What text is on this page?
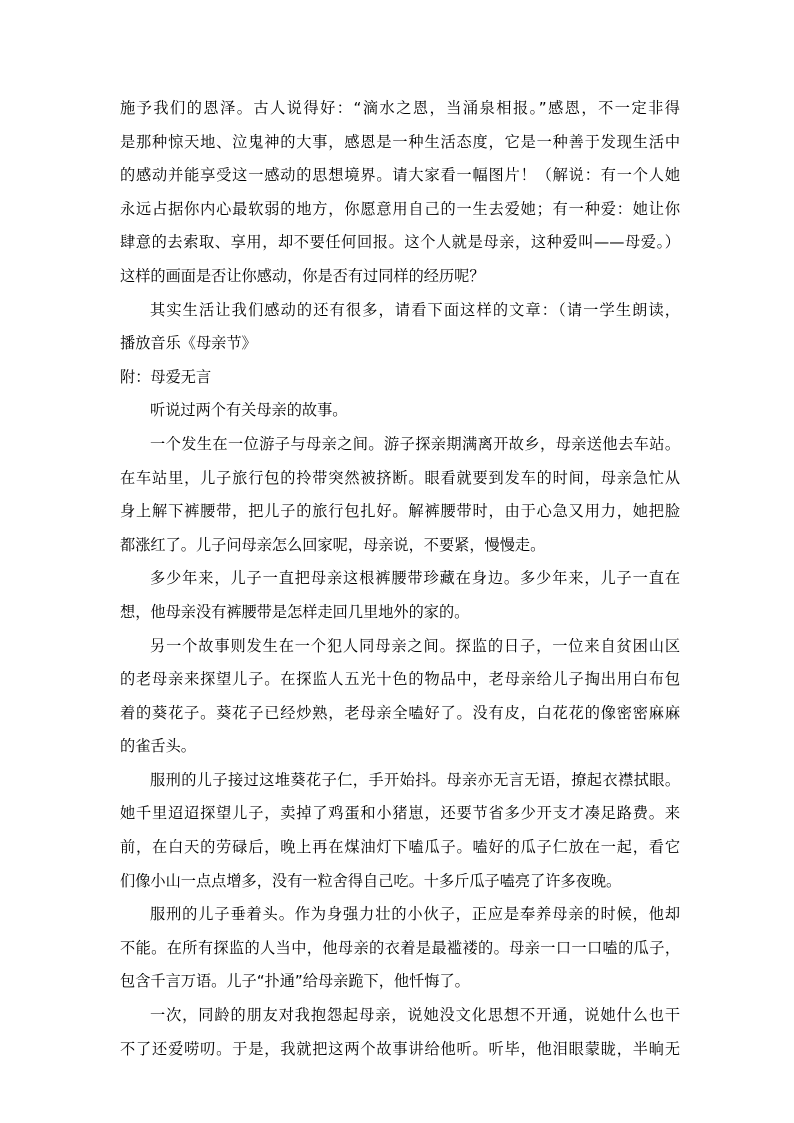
施予我们的恩泽。古人说得好：“滴水之恩，当涌泉相报。”感恩，不一定非得
是那种惊天地、泣鬼神的大事，感恩是一种生活态度，它是一种善于发现生活中
的感动并能享受这一感动的思想境界。请大家看一幅图片！（解说：有一个人她
永远占据你内心最软弱的地方，你愿意用自己的一生去爱她；有一种爱：她让你
肆意的去索取、享用，却不要任何回报。这个人就是母亲，这种爱叫——母爱。）
这样的画面是否让你感动，你是否有过同样的经历呢？
其实生活让我们感动的还有很多，请看下面这样的文章：（请一学生朗读，
播放音乐《母亲节》
附：母爱无言
听说过两个有关母亲的故事。
一个发生在一位游子与母亲之间。游子探亲期满离开故乡，母亲送他去车站。
在车站里，儿子旅行包的拎带突然被挤断。眼看就要到发车的时间，母亲急忙从
身上解下裤腰带，把儿子的旅行包扎好。解裤腰带时，由于心急又用力，她把脸
都涨红了。儿子问母亲怎么回家呢，母亲说，不要紧，慢慢走。
多少年来，儿子一直把母亲这根裤腰带珍藏在身边。多少年来，儿子一直在
想，他母亲没有裤腰带是怎样走回几里地外的家的。
另一个故事则发生在一个犯人同母亲之间。探监的日子，一位来自贫困山区
的老母亲来探望儿子。在探监人五光十色的物品中，老母亲给儿子掏出用白布包
着的葵花子。葵花子已经炒熟，老母亲全嗑好了。没有皮，白花花的像密密麻麻
的雀舌头。
服刑的儿子接过这堆葵花子仁，手开始抖。母亲亦无言无语，撩起衣襟拭眼。
她千里迢迢探望儿子，卖掉了鸡蛋和小猪崽，还要节省多少开支才凑足路费。来
前，在白天的劳碌后，晚上再在煤油灯下嗑瓜子。嗑好的瓜子仁放在一起，看它
们像小山一点点增多，没有一粒舍得自己吃。十多斤瓜子嗑亮了许多夜晚。
服刑的儿子垂着头。作为身强力壮的小伙子，正应是奉养母亲的时候，他却
不能。在所有探监的人当中，他母亲的衣着是最褴褛的。母亲一口一口嗑的瓜子，
包含千言万语。儿子“扑通”给母亲跪下，他忏悔了。
一次，同龄的朋友对我抱怨起母亲，说她没文化思想不开通，说她什么也干
不了还爱唠叨。于是，我就把这两个故事讲给他听。听毕，他泪眼蒙眬，半晌无
